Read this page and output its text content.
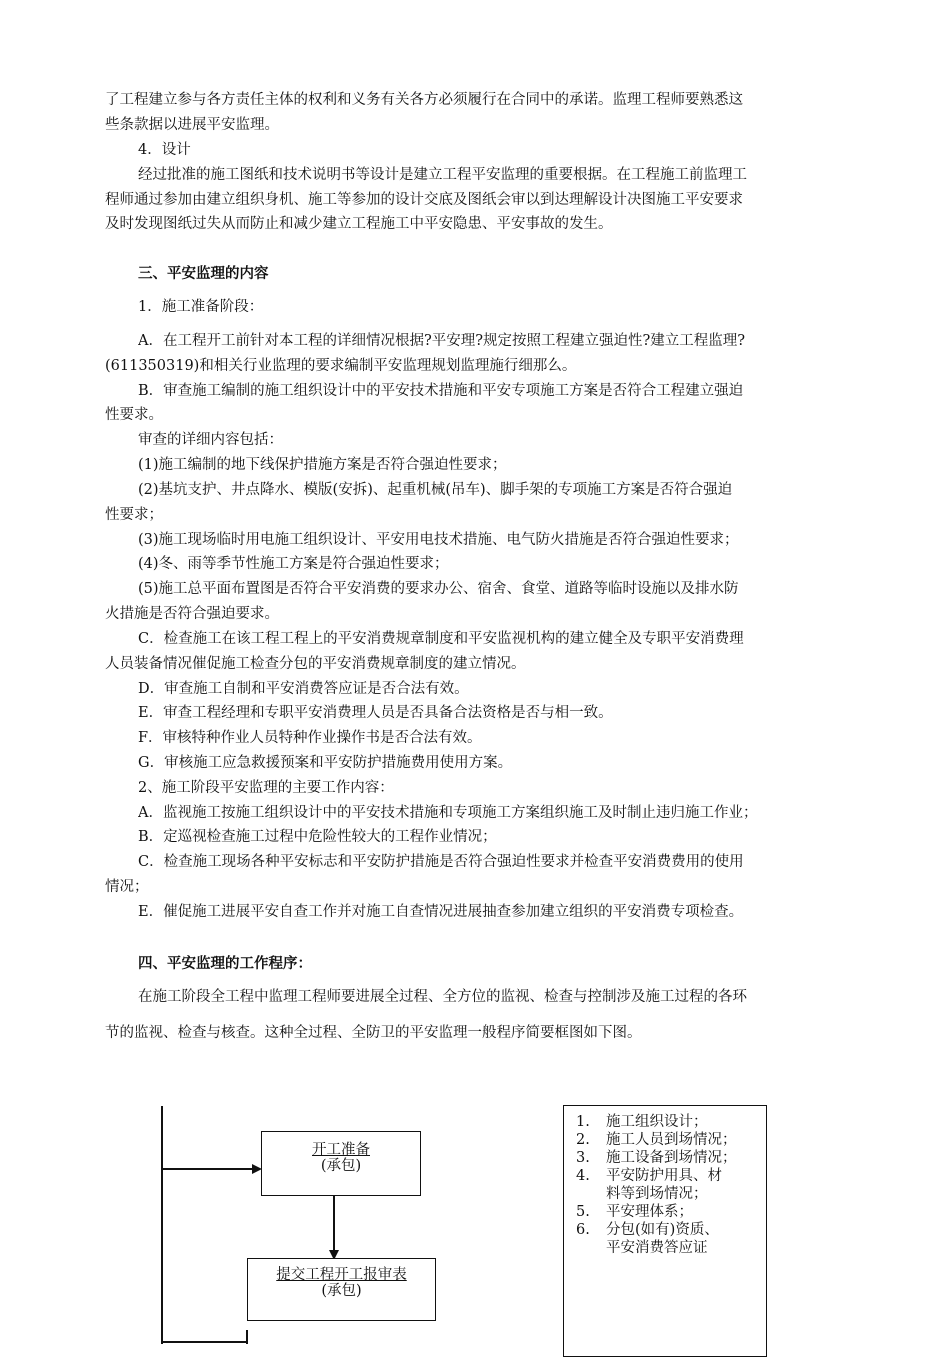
了工程建立参与各方责任主体的权利和义务有关各方必须履行在合同中的承诺。监理工程师要熟悉这
些条款据以进展平安监理。
4．设计
经过批准的施工图纸和技术说明书等设计是建立工程平安监理的重要根据。在工程施工前监理工
程师通过参加由建立组织身机、施工等参加的设计交底及图纸会审以到达理解设计决图施工平安要求
及时发现图纸过失从而防止和减少建立工程施工中平安隐患、平安事故的发生。
三、平安监理的内容
1．施工准备阶段：
A．在工程开工前针对本工程的详细情况根据?平安理?规定按照工程建立强迫性?建立工程监理?
(611350319)和相关行业监理的要求编制平安监理规划监理施行细那么。
B．审查施工编制的施工组织设计中的平安技术措施和平安专项施工方案是否符合工程建立强迫
性要求。
审查的详细内容包括：
(1)施工编制的地下线保护措施方案是否符合强迫性要求；
(2)基坑支护、井点降水、模版(安拆)、起重机械(吊车)、脚手架的专项施工方案是否符合强迫
性要求；
(3)施工现场临时用电施工组织设计、平安用电技术措施、电气防火措施是否符合强迫性要求；
(4)冬、雨等季节性施工方案是符合强迫性要求；
(5)施工总平面布置图是否符合平安消费的要求办公、宿舍、食堂、道路等临时设施以及排水防
火措施是否符合强迫要求。
C．检查施工在该工程工程上的平安消费规章制度和平安监视机构的建立健全及专职平安消费理
人员装备情况催促施工检查分包的平安消费规章制度的建立情况。
D．审查施工自制和平安消费答应证是否合法有效。
E．审查工程经理和专职平安消费理人员是否具备合法资格是否与相一致。
F．审核特种作业人员特种作业操作书是否合法有效。
G．审核施工应急救援预案和平安防护措施费用使用方案。
2、施工阶段平安监理的主要工作内容：
A．监视施工按施工组织设计中的平安技术措施和专项施工方案组织施工及时制止违归施工作业；
B．定巡视检查施工过程中危险性较大的工程作业情况；
C．检查施工现场各种平安标志和平安防护措施是否符合强迫性要求并检查平安消费费用的使用
情况；
E．催促施工进展平安自查工作并对施工自查情况进展抽查参加建立组织的平安消费专项检查。
四、平安监理的工作程序：
在施工阶段全工程中监理工程师要进展全过程、全方位的监视、检查与控制涉及施工过程的各环
节的监视、检查与核查。这种全过程、全防卫的平安监理一般程序简要框图如下图。
开工准备
(承包)
提交工程开工报审表
(承包)
1.	施工组织设计；
2.	施工人员到场情况；
3.	施工设备到场情况；
4.	平安防护用具、材
料等到场情况；
5.	平安理体系；
6.	分包(如有)资质、
平安消费答应证
